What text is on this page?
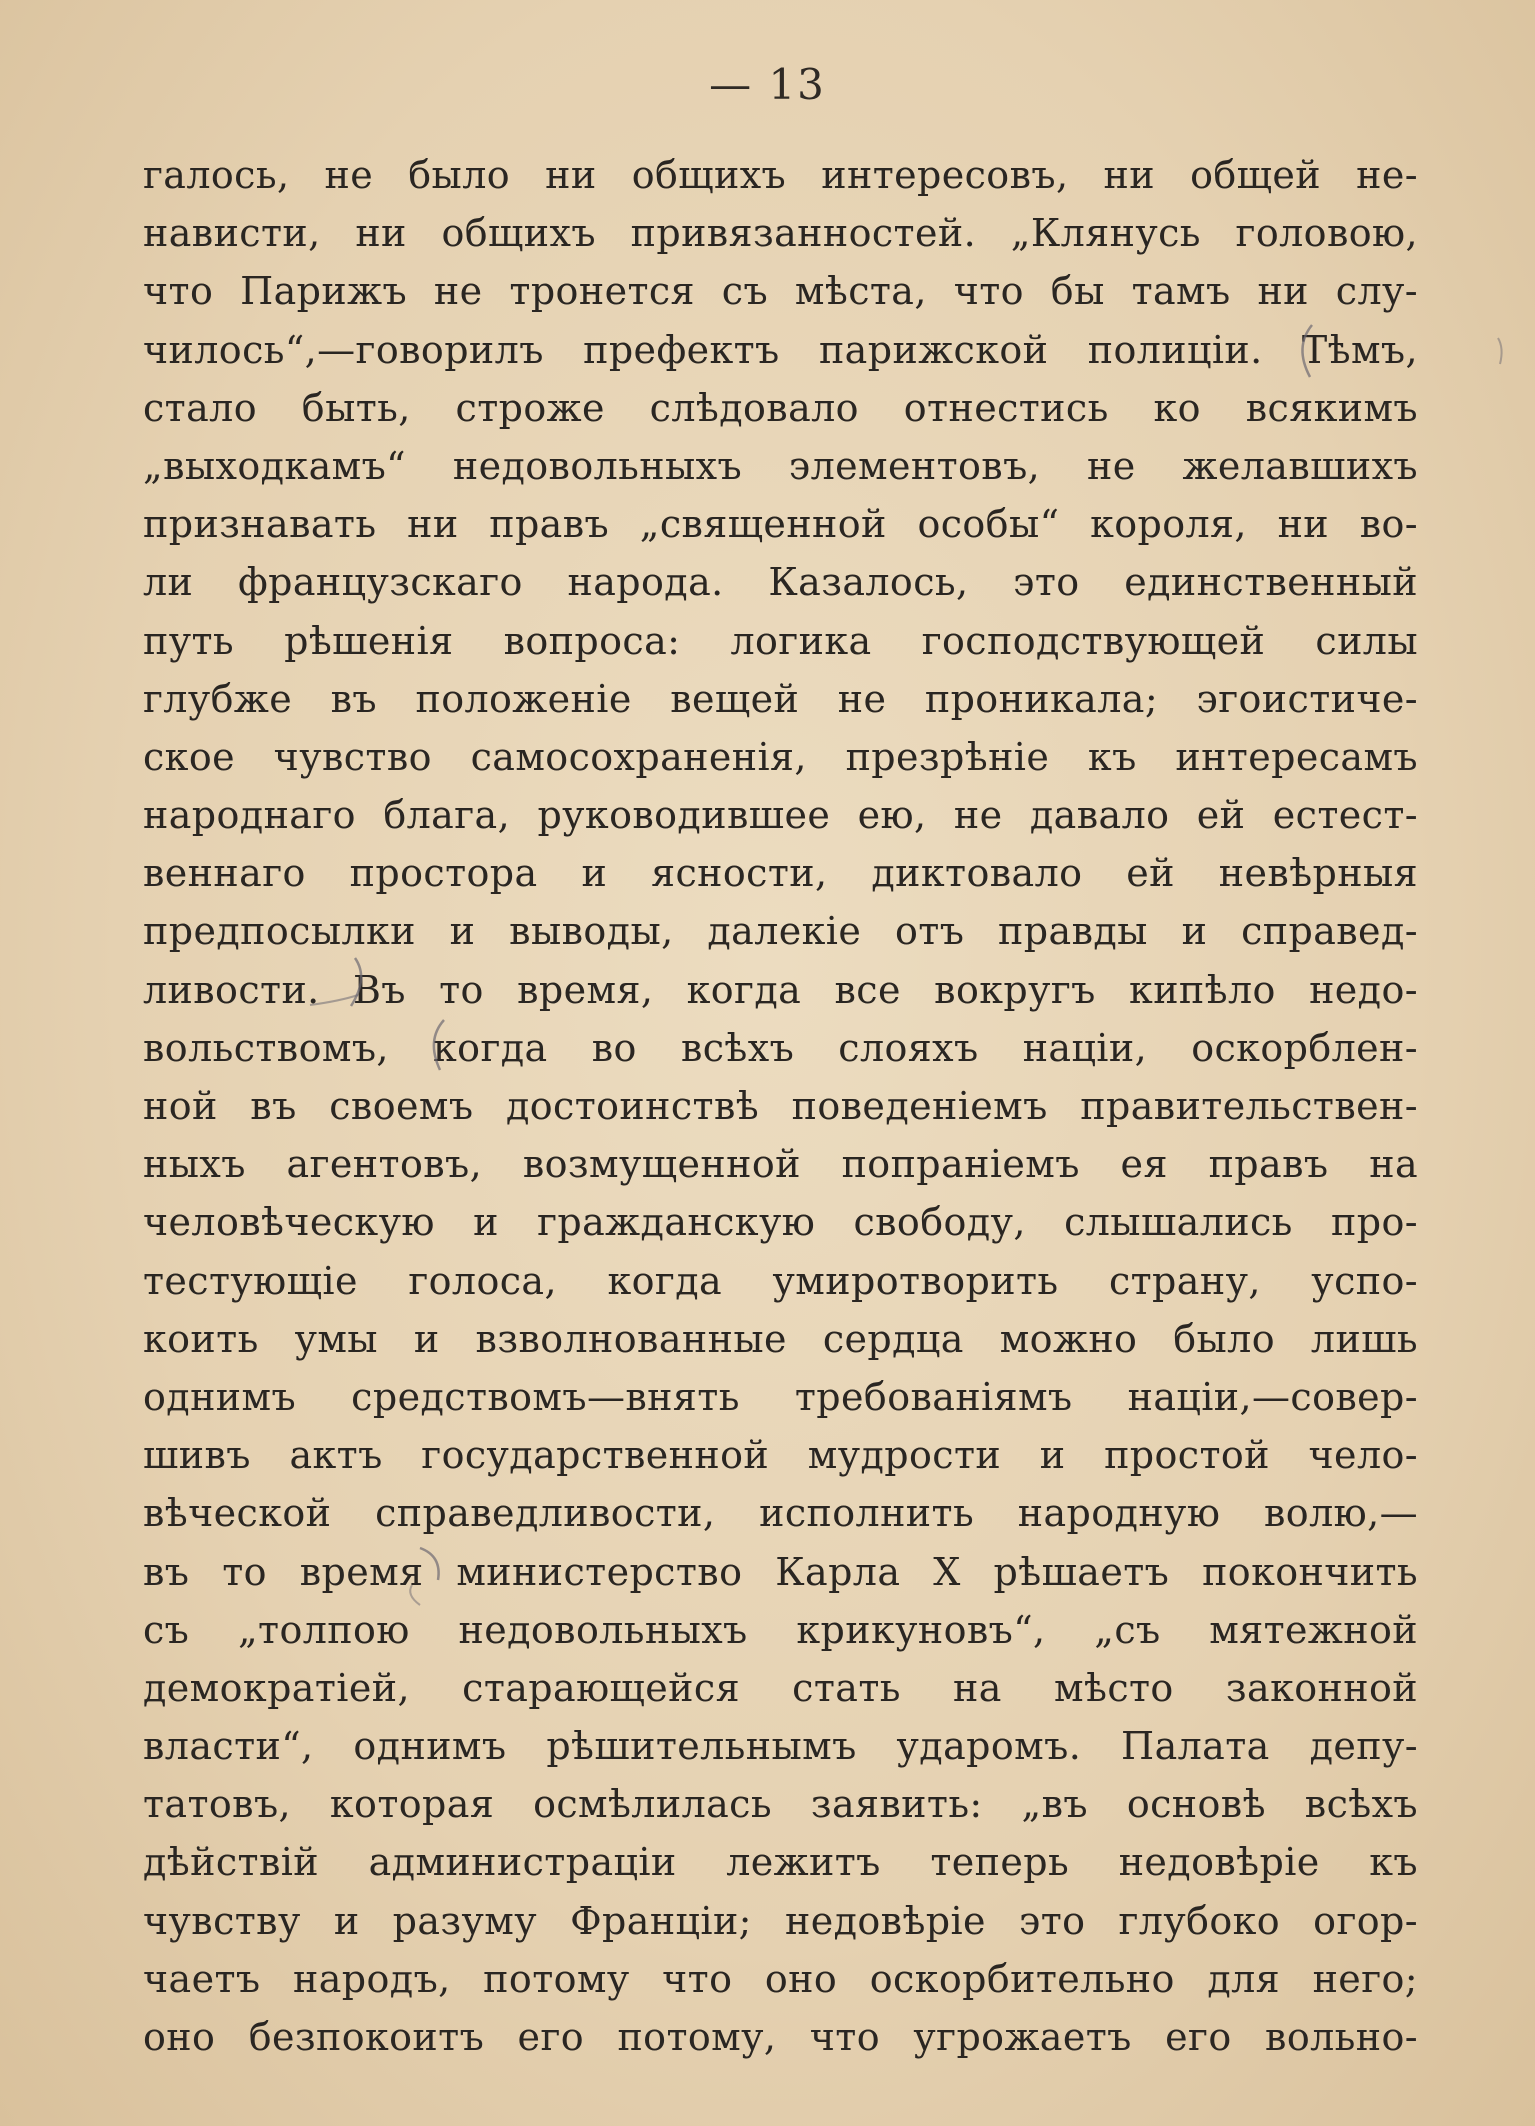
— 13
галось, не было ни общихъ интересовъ, ни общей не-
нависти, ни общихъ привязанностей. „Клянусь головою,
что Парижъ не тронется съ мѣста, что бы тамъ ни слу-
чилось“,—говорилъ префектъ парижской полиціи. Тѣмъ,
стало быть, строже слѣдовало отнестись ко всякимъ
„выходкамъ“ недовольныхъ элементовъ, не желавшихъ
признавать ни правъ „священной особы“ короля, ни во-
ли французскаго народа. Казалось, это единственный
путь рѣшенія вопроса: логика господствующей силы
глубже въ положеніе вещей не проникала; эгоистиче-
ское чувство самосохраненія, презрѣніе къ интересамъ
народнаго блага, руководившее ею, не давало ей естест-
веннаго простора и ясности, диктовало ей невѣрныя
предпосылки и выводы, далекіе отъ правды и справед-
ливости. Въ то время, когда все вокругъ кипѣло недо-
вольствомъ, когда во всѣхъ слояхъ націи, оскорблен-
ной въ своемъ достоинствѣ поведеніемъ правительствен-
ныхъ агентовъ, возмущенной попраніемъ ея правъ на
человѣческую и гражданскую свободу, слышались про-
тестующіе голоса, когда умиротворить страну, успо-
коить умы и взволнованные сердца можно было лишь
однимъ средствомъ—внять требованіямъ націи,—совер-
шивъ актъ государственной мудрости и простой чело-
вѣческой справедливости, исполнить народную волю,—
въ то время министерство Карла X рѣшаетъ покончить
съ „толпою недовольныхъ крикуновъ“, „съ мятежной
демократіей, старающейся стать на мѣсто законной
власти“, однимъ рѣшительнымъ ударомъ. Палата депу-
татовъ, которая осмѣлилась заявить: „въ основѣ всѣхъ
дѣйствій администраціи лежитъ теперь недовѣріе къ
чувству и разуму Франціи; недовѣріе это глубоко огор-
чаетъ народъ, потому что оно оскорбительно для него;
оно безпокоитъ его потому, что угрожаетъ его вольно-
